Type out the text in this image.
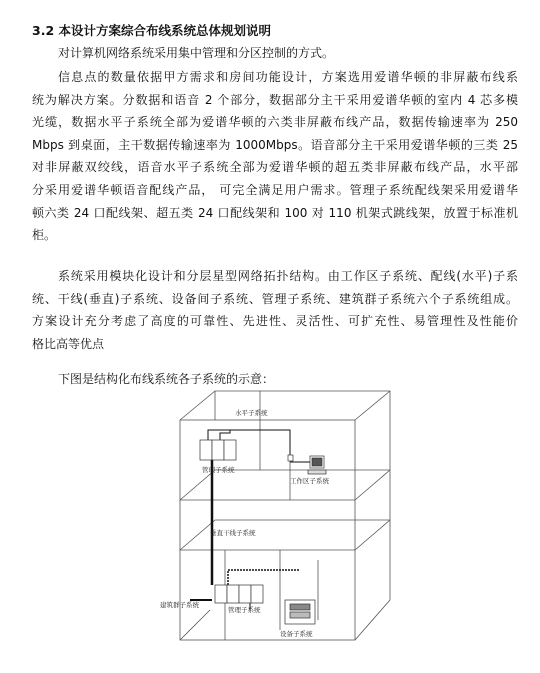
3.2 本设计方案综合布线系统总体规划说明
对计算机网络系统采用集中管理和分区控制的方式。
信息点的数量依据甲方需求和房间功能设计，方案选用爱谱华顿的非屏蔽布线系
统为解决方案。分数据和语音 2 个部分，数据部分主干采用爱谱华顿的室内 4 芯多模
光缆，数据水平子系统全部为爱谱华顿的六类非屏蔽布线产品，数据传输速率为 250
Mbps 到桌面，主干数据传输速率为 1000Mbps。语音部分主干采用爱谱华顿的三类 25
对非屏蔽双绞线，语音水平子系统全部为爱谱华顿的超五类非屏蔽布线产品，水平部
分采用爱谱华顿语音配线产品， 可完全满足用户需求。管理子系统配线架采用爱谱华
顿六类 24 口配线架、超五类 24 口配线架和 100 对 110 机架式跳线架，放置于标准机
柜。
系统采用模块化设计和分层星型网络拓扑结构。由工作区子系统、配线(水平)子系
统、干线(垂直)子系统、设备间子系统、管理子系统、建筑群子系统六个子系统组成。
方案设计充分考虑了高度的可靠性、先进性、灵活性、可扩充性、易管理性及性能价
格比高等优点
下图是结构化布线系统各子系统的示意：
水平子系统
管理子系统
工作区子系统
垂直干线子系统
建筑群子系统
管理子系统
设备子系统
